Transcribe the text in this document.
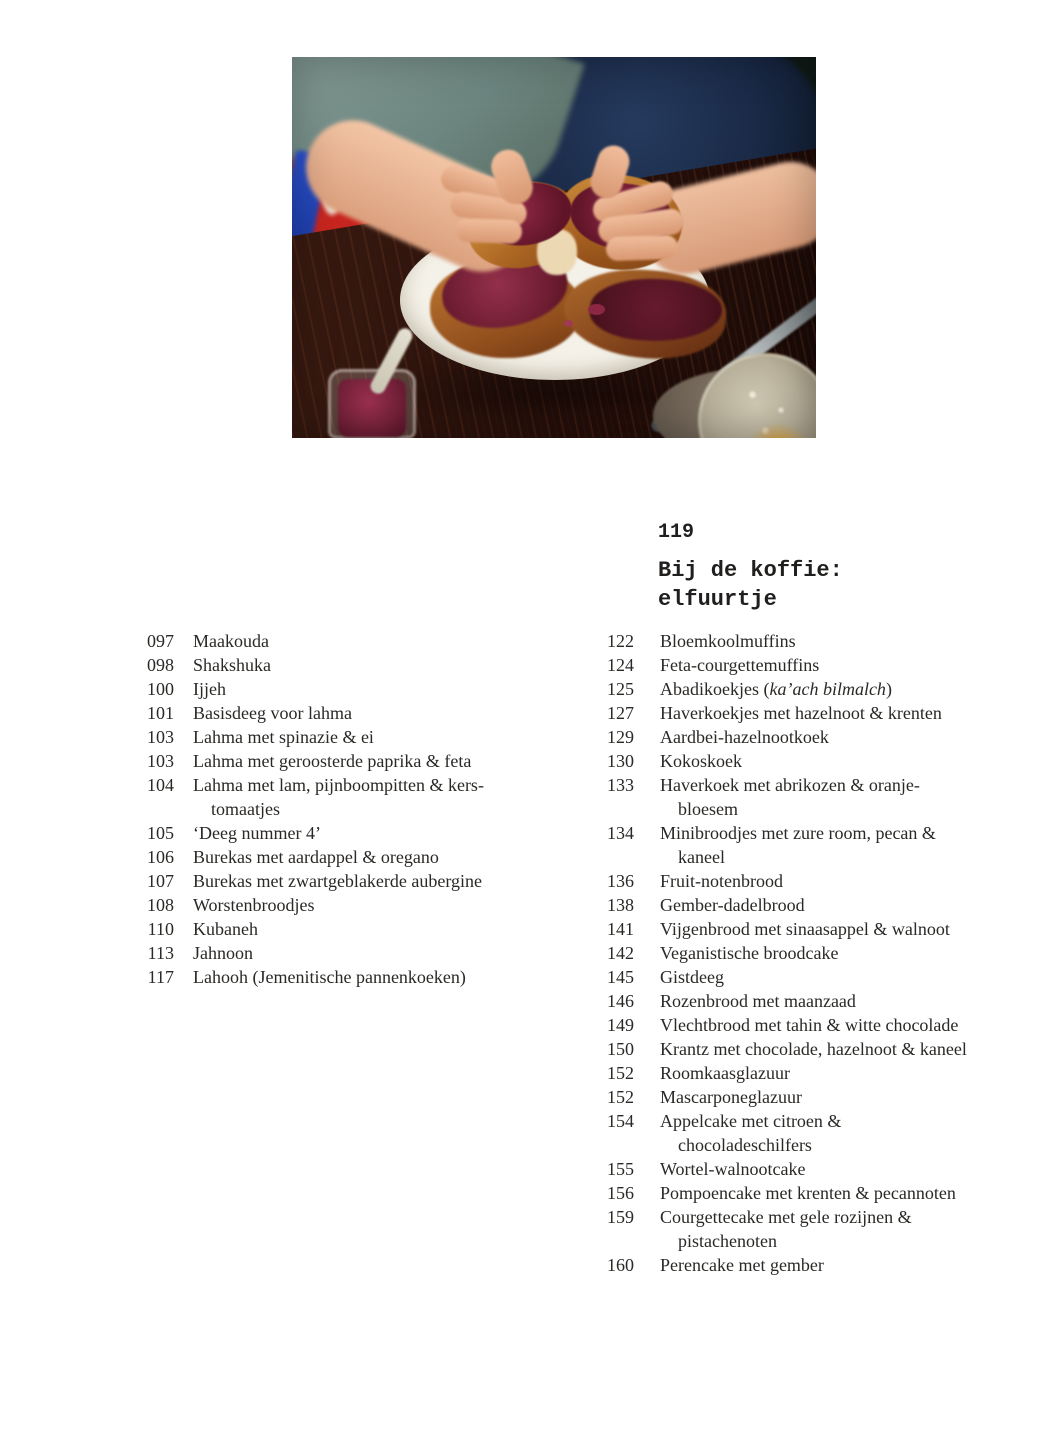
119
Bij de koffie:
elfuurtje
097 Maakouda
098 Shakshuka
100 Ijjeh
101 Basisdeeg voor lahma
103 Lahma met spinazie & ei
103 Lahma met geroosterde paprika & feta
104 Lahma met lam, pijnboompitten & kers-
tomaatjes
105 ‘Deeg nummer 4’
106 Burekas met aardappel & oregano
107 Burekas met zwartgeblakerde aubergine
108 Worstenbroodjes
110 Kubaneh
113 Jahnoon
117 Lahooh (Jemenitische pannenkoeken)
122 Bloemkoolmuffins
124 Feta-courgettemuffins
125 Abadikoekjes (ka’ach bilmalch)
127 Haverkoekjes met hazelnoot & krenten
129 Aardbei-hazelnootkoek
130 Kokoskoek
133 Haverkoek met abrikozen & oranje-
bloesem
134 Minibroodjes met zure room, pecan &
kaneel
136 Fruit-notenbrood
138 Gember-dadelbrood
141 Vijgenbrood met sinaasappel & walnoot
142 Veganistische broodcake
145 Gistdeeg
146 Rozenbrood met maanzaad
149 Vlechtbrood met tahin & witte chocolade
150 Krantz met chocolade, hazelnoot & kaneel
152 Roomkaasglazuur
152 Mascarponeglazuur
154 Appelcake met citroen &
chocoladeschilfers
155 Wortel-walnootcake
156 Pompoencake met krenten & pecannoten
159 Courgettecake met gele rozijnen &
pistachenoten
160 Perencake met gember
